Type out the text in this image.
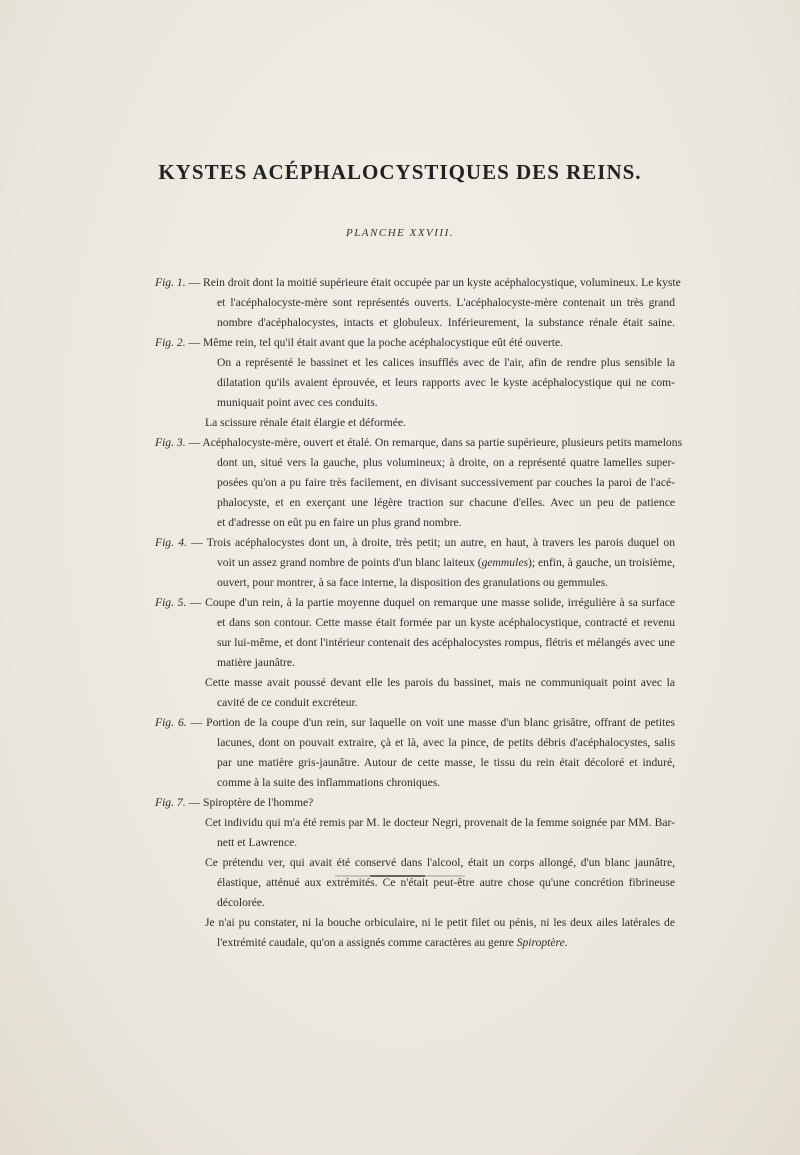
KYSTES ACÉPHALOCYSTIQUES DES REINS.
PLANCHE XXVIII.
Fig. 1. — Rein droit dont la moitié supérieure était occupée par un kyste acéphalocystique, volumineux. Le kyste
et l'acéphalocyste-mère sont représentés ouverts. L'acéphalocyste-mère contenait un très grand
nombre d'acéphalocystes, intacts et globuleux. Inférieurement, la substance rénale était saine.
Fig. 2. — Même rein, tel qu'il était avant que la poche acéphalocystique eût été ouverte.
On a représenté le bassinet et les calices insufflés avec de l'air, afin de rendre plus sensible la
dilatation qu'ils avaient éprouvée, et leurs rapports avec le kyste acéphalocystique qui ne com-
muniquait point avec ces conduits.
La scissure rénale était élargie et déformée.
Fig. 3. — Acéphalocyste-mère, ouvert et étalé. On remarque, dans sa partie supérieure, plusieurs petits mamelons
dont un, situé vers la gauche, plus volumineux; à droite, on a représenté quatre lamelles super-
posées qu'on a pu faire très facilement, en divisant successivement par couches la paroi de l'acé-
phalocyste, et en exerçant une légère traction sur chacune d'elles. Avec un peu de patience
et d'adresse on eût pu en faire un plus grand nombre.
Fig. 4. — Trois acéphalocystes dont un, à droite, très petit; un autre, en haut, à travers les parois duquel on
voit un assez grand nombre de points d'un blanc laiteux (gemmules); enfin, à gauche, un troisième,
ouvert, pour montrer, à sa face interne, la disposition des granulations ou gemmules.
Fig. 5. — Coupe d'un rein, à la partie moyenne duquel on remarque une masse solide, irrégulière à sa surface
et dans son contour. Cette masse était formée par un kyste acéphalocystique, contracté et revenu
sur lui-même, et dont l'intérieur contenait des acéphalocystes rompus, flétris et mélangés avec une
matière jaunâtre.
Cette masse avait poussé devant elle les parois du bassinet, mais ne communiquait point avec la
cavité de ce conduit excréteur.
Fig. 6. — Portion de la coupe d'un rein, sur laquelle on voit une masse d'un blanc grisâtre, offrant de petites
lacunes, dont on pouvait extraire, çà et là, avec la pince, de petits débris d'acéphalocystes, salis
par une matière gris-jaunâtre. Autour de cette masse, le tissu du rein était décoloré et induré,
comme à la suite des inflammations chroniques.
Fig. 7. — Spiroptère de l'homme?
Cet individu qui m'a été remis par M. le docteur Negri, provenait de la femme soignée par MM. Bar-
nett et Lawrence.
Ce prétendu ver, qui avait été conservé dans l'alcool, était un corps allongé, d'un blanc jaunâtre,
élastique, atténué aux extrémités. Ce n'était peut-être autre chose qu'une concrétion fibrineuse
décolorée.
Je n'ai pu constater, ni la bouche orbiculaire, ni le petit filet ou pénis, ni les deux ailes latérales de
l'extrémité caudale, qu'on a assignés comme caractères au genre Spiroptère.
